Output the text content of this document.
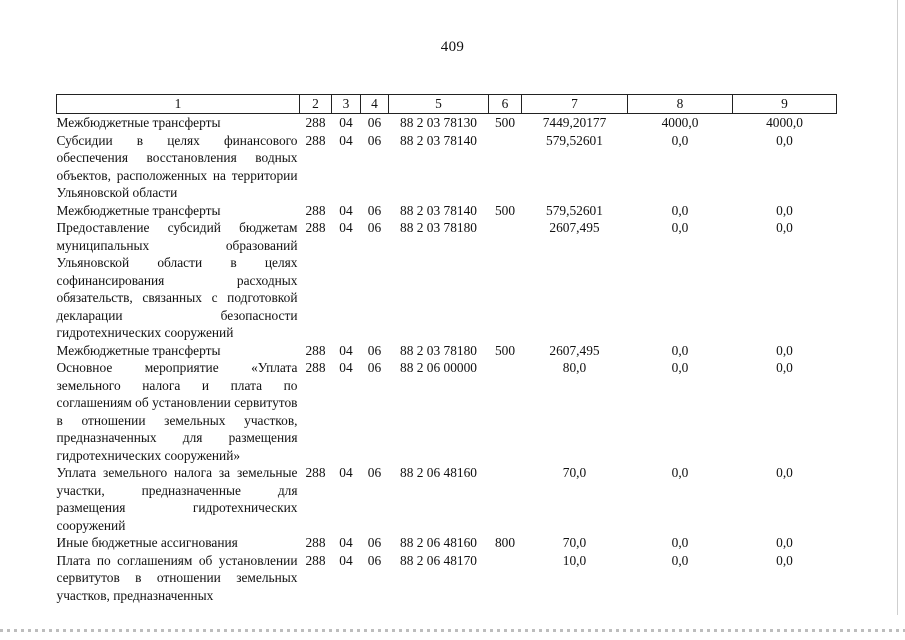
409
1	2	3	4	5	6	7	8	9
Межбюджетные трансферты	288	04	06	88 2 03 78130	500	7449,20177	4000,0	4000,0
Субсидии в целях финансового обеспечения восстановления водных объектов, расположенных на территории Ульяновской области	288	04	06	88 2 03 78140		579,52601	0,0	0,0
Межбюджетные трансферты	288	04	06	88 2 03 78140	500	579,52601	0,0	0,0
Предоставление субсидий бюджетам муниципальных образований Ульяновской области в целях софинансирования расходных обязательств, связанных с подготовкой декларации безопасности гидротехнических сооружений	288	04	06	88 2 03 78180		2607,495	0,0	0,0
Межбюджетные трансферты	288	04	06	88 2 03 78180	500	2607,495	0,0	0,0
Основное мероприятие «Уплата земельного налога и плата по соглашениям об установлении сервитутов в отношении земельных участков, предназначенных для размещения гидротехнических сооружений»	288	04	06	88 2 06 00000		80,0	0,0	0,0
Уплата земельного налога за земельные участки, предназначенные для размещения гидротехнических сооружений	288	04	06	88 2 06 48160		70,0	0,0	0,0
Иные бюджетные ассигнования	288	04	06	88 2 06 48160	800	70,0	0,0	0,0
Плата по соглашениям об установлении сервитутов в отношении земельных участков, предназначенных	288	04	06	88 2 06 48170		10,0	0,0	0,0
